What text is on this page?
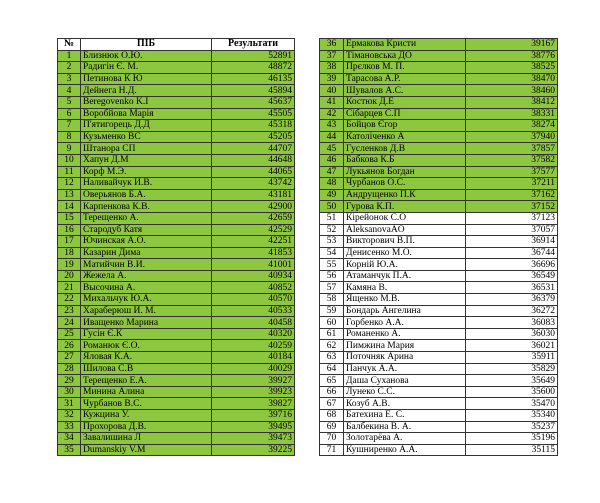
№	ПІБ	Результати
1	Близнюк О.Ю.	52891
2	Радигін Є. М.	48872
3	Петинова К Ю	46135
4	Дейнега Н.Д.	45894
5	Beregovenko K.I	45637
6	Воробйова Марія	45505
7	П'ятигорець Д.Д	45318
8	Кузьменко ВС	45205
9	Штанора СП	44707
10	Хапун Д.М	44648
11	Корф М.Э.	44065
12	Наливайчук И.В.	43742
13	Оверьянов Б.А.	43181
14	Карпенкова К.В.	42900
15	Терещенко А.	42659
16	Стародуб Катя	42529
17	Ючинская А.О.	42251
18	Казарин Дима	41853
19	Матийчин В.И.	41001
20	Жежела А.	40934
21	Высочина А.	40852
22	Михальчук Ю.А.	40570
23	Хараберюш И. М.	40533
24	Иващенко Марина	40458
25	Гусін Є.К	40320
26	Романюк Є.О.	40259
27	Яловая К.А.	40184
28	Шилова С.В	40029
29	Терещенко Е.А.	39927
30	Минина Алина	39923
31	Чурбанов В.С.	39827
32	Кужцина У.	39716
33	Прохорова Д.В.	39495
34	Завалишина Л	39473
35	Dumanskiy V.M	39225
36	Ермакова Кристи	39167
37	Тімановська ДО	38776
38	Прєлков М. П.	38525
39	Тарасова А.Р.	38470
40	Шувалов А.С.	38460
41	Костюк Д.Е	38412
42	Сібарцев С.П	38331
43	Бойцов Єгор	38274
44	Католіченко А	37940
45	Гусленков Д.В	37857
46	Бабкова К.Б	37582
47	Лукьянов Богдан	37577
48	Чурбанов О.С.	37211
49	Андрущенко П.К	37162
50	Гурова К.П.	37152
51	Кірейонок С.О	37123
52	AleksanovaAO	37057
53	Викторович В.П.	36914
54	Денисенко М.О.	36744
55	Корній Ю.А.	36696
56	Атаманчук П.А.	36549
57	Камяна В.	36531
58	Ященко М.В.	36379
59	Бондарь Ангелина	36272
60	Горбенко А.А.	36083
61	Романенко А.	36030
62	Пимжина Мария	36021
63	Поточняк Арина	35911
64	Панчук А.А.	35829
65	Даша Суханова	35649
66	Лунеко С.С.	35600
67	Козуб А.В.	35470
68	Батехина Е. С.	35340
69	Балбекина В. А.	35237
70	Золотарёва А.	35196
71	Кушниренко А.А.	35115
